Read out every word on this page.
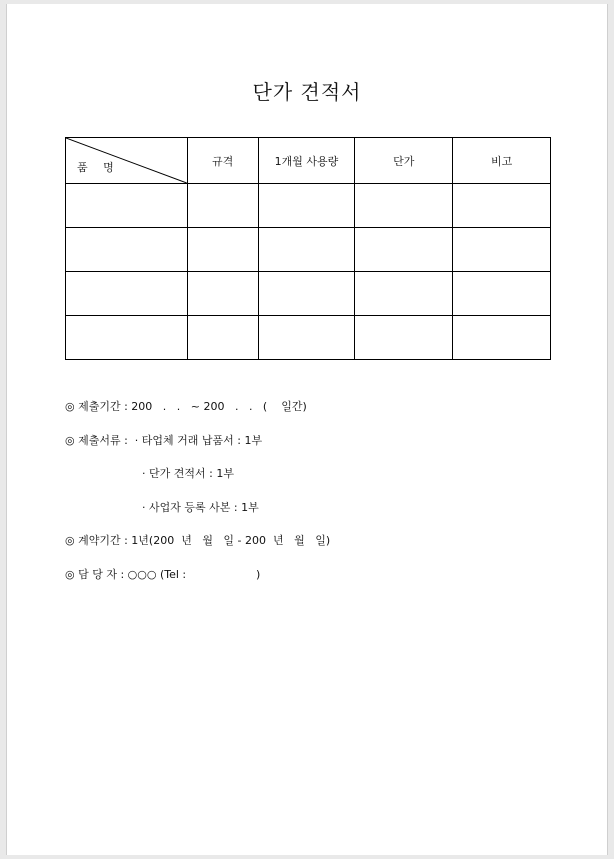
단가 견적서
품 명	규격	1개월 사용량	단가	비고

◎ 제출기간 : 200   .   .   ~ 200   .   .   (    일간)
◎ 제출서류 :  · 타업체 거래 납품서 : 1부
· 단가 견적서 : 1부
· 사업자 등록 사본 : 1부
◎ 계약기간 : 1년(200  년   월   일 - 200  년   월   일)
◎ 담 당 자 : ○○○ (Tel :                    )
